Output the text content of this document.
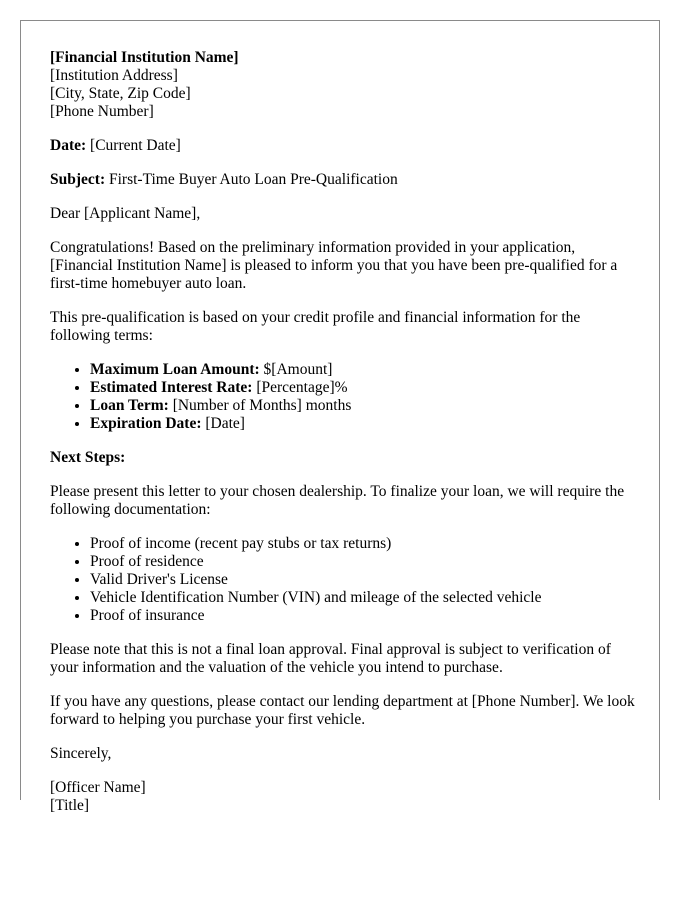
[Financial Institution Name]
[Institution Address]
[City, State, Zip Code]
[Phone Number]

Date: [Current Date]

Subject: First-Time Buyer Auto Loan Pre-Qualification

Dear [Applicant Name],

Congratulations! Based on the preliminary information provided in your application, [Financial Institution Name] is pleased to inform you that you have been pre-qualified for a first-time homebuyer auto loan.

This pre-qualification is based on your credit profile and financial information for the following terms:

• Maximum Loan Amount: $[Amount]
• Estimated Interest Rate: [Percentage]%
• Loan Term: [Number of Months] months
• Expiration Date: [Date]

Next Steps:

Please present this letter to your chosen dealership. To finalize your loan, we will require the following documentation:

• Proof of income (recent pay stubs or tax returns)
• Proof of residence
• Valid Driver's License
• Vehicle Identification Number (VIN) and mileage of the selected vehicle
• Proof of insurance

Please note that this is not a final loan approval. Final approval is subject to verification of your information and the valuation of the vehicle you intend to purchase.

If you have any questions, please contact our lending department at [Phone Number]. We look forward to helping you purchase your first vehicle.

Sincerely,

[Officer Name]
[Title]
